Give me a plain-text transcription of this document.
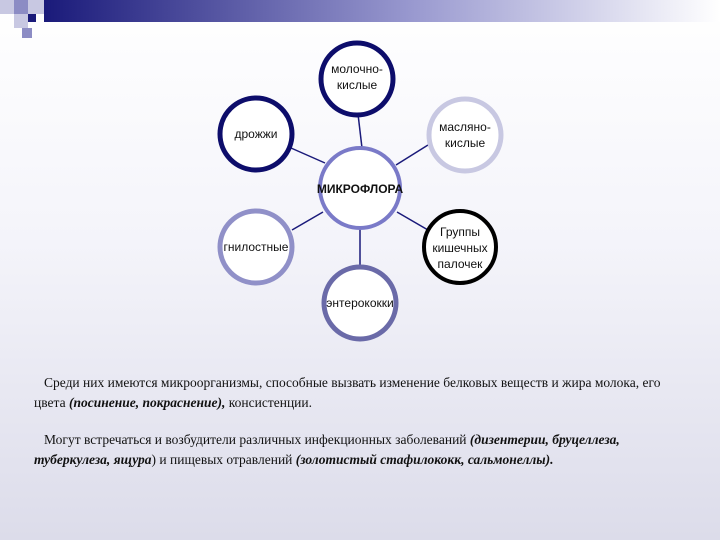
молочно-
кислые
масляно-
кислые
Группы
кишечных
палочек
энтерококки
гнилостные
дрожжи
МИКРОФЛОРА
Среди них имеются микроорганизмы, способные вызвать изменение белковых веществ и жира молока, его цвета (посинение, покраснение), консистенции.
Могут встречаться и возбудители различных инфекционных заболеваний (дизентерии, бруцеллеза, туберкулеза, ящура) и пищевых отравлений (золотистый стафилококк, сальмонеллы).
